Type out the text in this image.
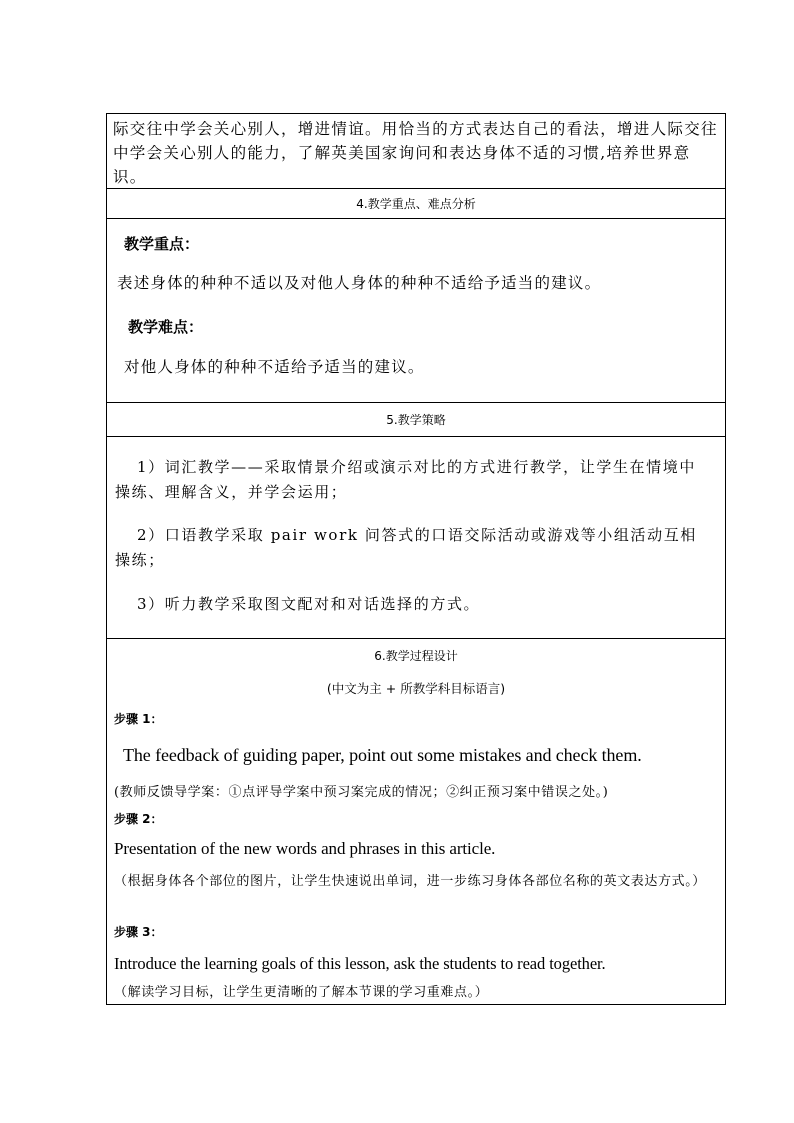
际交往中学会关心别人，增进情谊。用恰当的方式表达自己的看法，增进人际交往中学会关心别人的能力，了解英美国家询问和表达身体不适的习惯,培养世界意识。

4.教学重点、难点分析
教学重点：
表述身体的种种不适以及对他人身体的种种不适给予适当的建议。
教学难点：
对他人身体的种种不适给予适当的建议。
5.教学策略

1）词汇教学——采取情景介绍或演示对比的方式进行教学，让学生在情境中操练、理解含义，并学会运用；

2）口语教学采取 pair work 问答式的口语交际活动或游戏等小组活动互相操练；

3）听力教学采取图文配对和对话选择的方式。

6.教学过程设计
(中文为主 + 所教学科目标语言)
步骤 1：
The feedback of guiding paper, point out some mistakes and check them.
(教师反馈导学案：①点评导学案中预习案完成的情况；②纠正预习案中错误之处。)
步骤 2：
Presentation of the new words and phrases in this article.

（根据身体各个部位的图片，让学生快速说出单词，进一步练习身体各部位名称的英文表达方式。）

步骤 3：
Introduce the learning goals of this lesson, ask the students to read together.
（解读学习目标，让学生更清晰的了解本节课的学习重难点。）
